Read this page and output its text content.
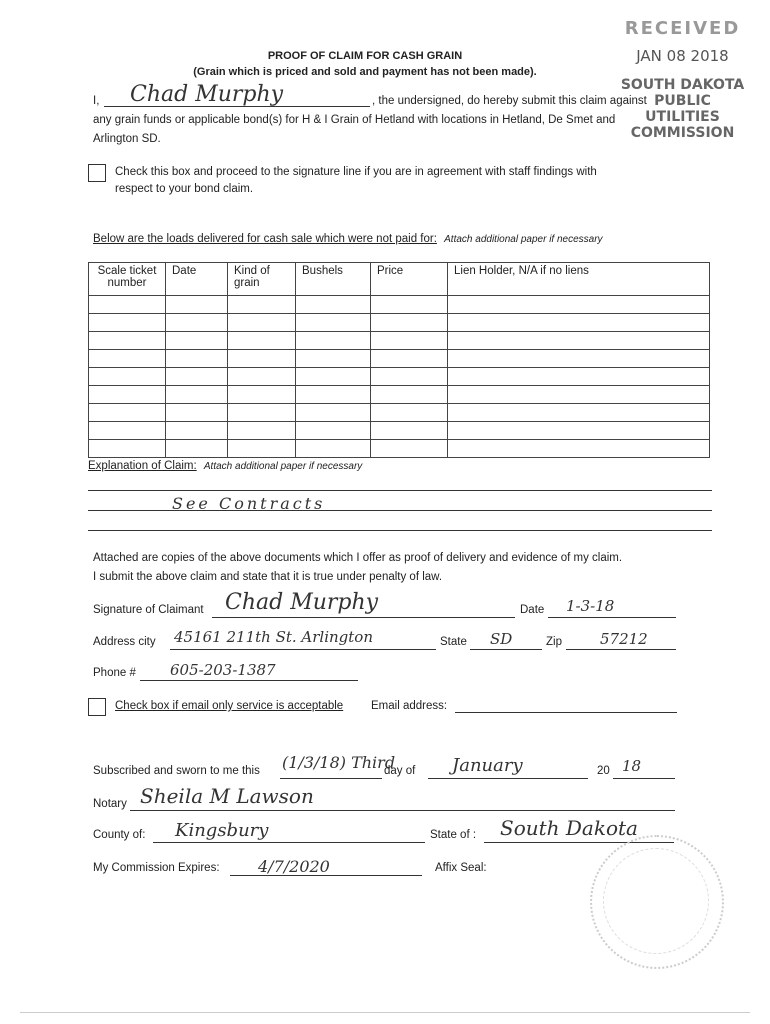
RECEIVED
JAN 08 2018
SOUTH DAKOTA PUBLIC
UTILITIES COMMISSION
PROOF OF CLAIM FOR CASH GRAIN
(Grain which is priced and sold and payment has not been made).
I, Chad Murphy	, the undersigned, do hereby submit this claim against
any grain funds or applicable bond(s) for H & I Grain of Hetland with locations in Hetland, De Smet and
Arlington SD.
Check this box and proceed to the signature line if you are in agreement with staff findings with
respect to your bond claim.
Below are the loads delivered for cash sale which were not paid for: Attach additional paper if necessary
Scale ticket number	Date	Kind of grain	Bushels	Price	Lien Holder, N/A if no liens

Explanation of Claim: Attach additional paper if necessary
See Contracts
Attached are copies of the above documents which I offer as proof of delivery and evidence of my claim.
I submit the above claim and state that it is true under penalty of law.
Signature of Claimant Chad Murphy	Date 1-3-18
Address city 45161 211th St. Arlington	State SD	Zip	57212
Phone # 605-203-1387
Check box if email only service is acceptable Email address:
Subscribed and sworn to me this (1/3/18) Third
day of January	20 18
Notary Sheila M Lawson
County of: Kingsbury	State of : South Dakota
My Commission Expires: 4/7/2020	Affix Seal:
